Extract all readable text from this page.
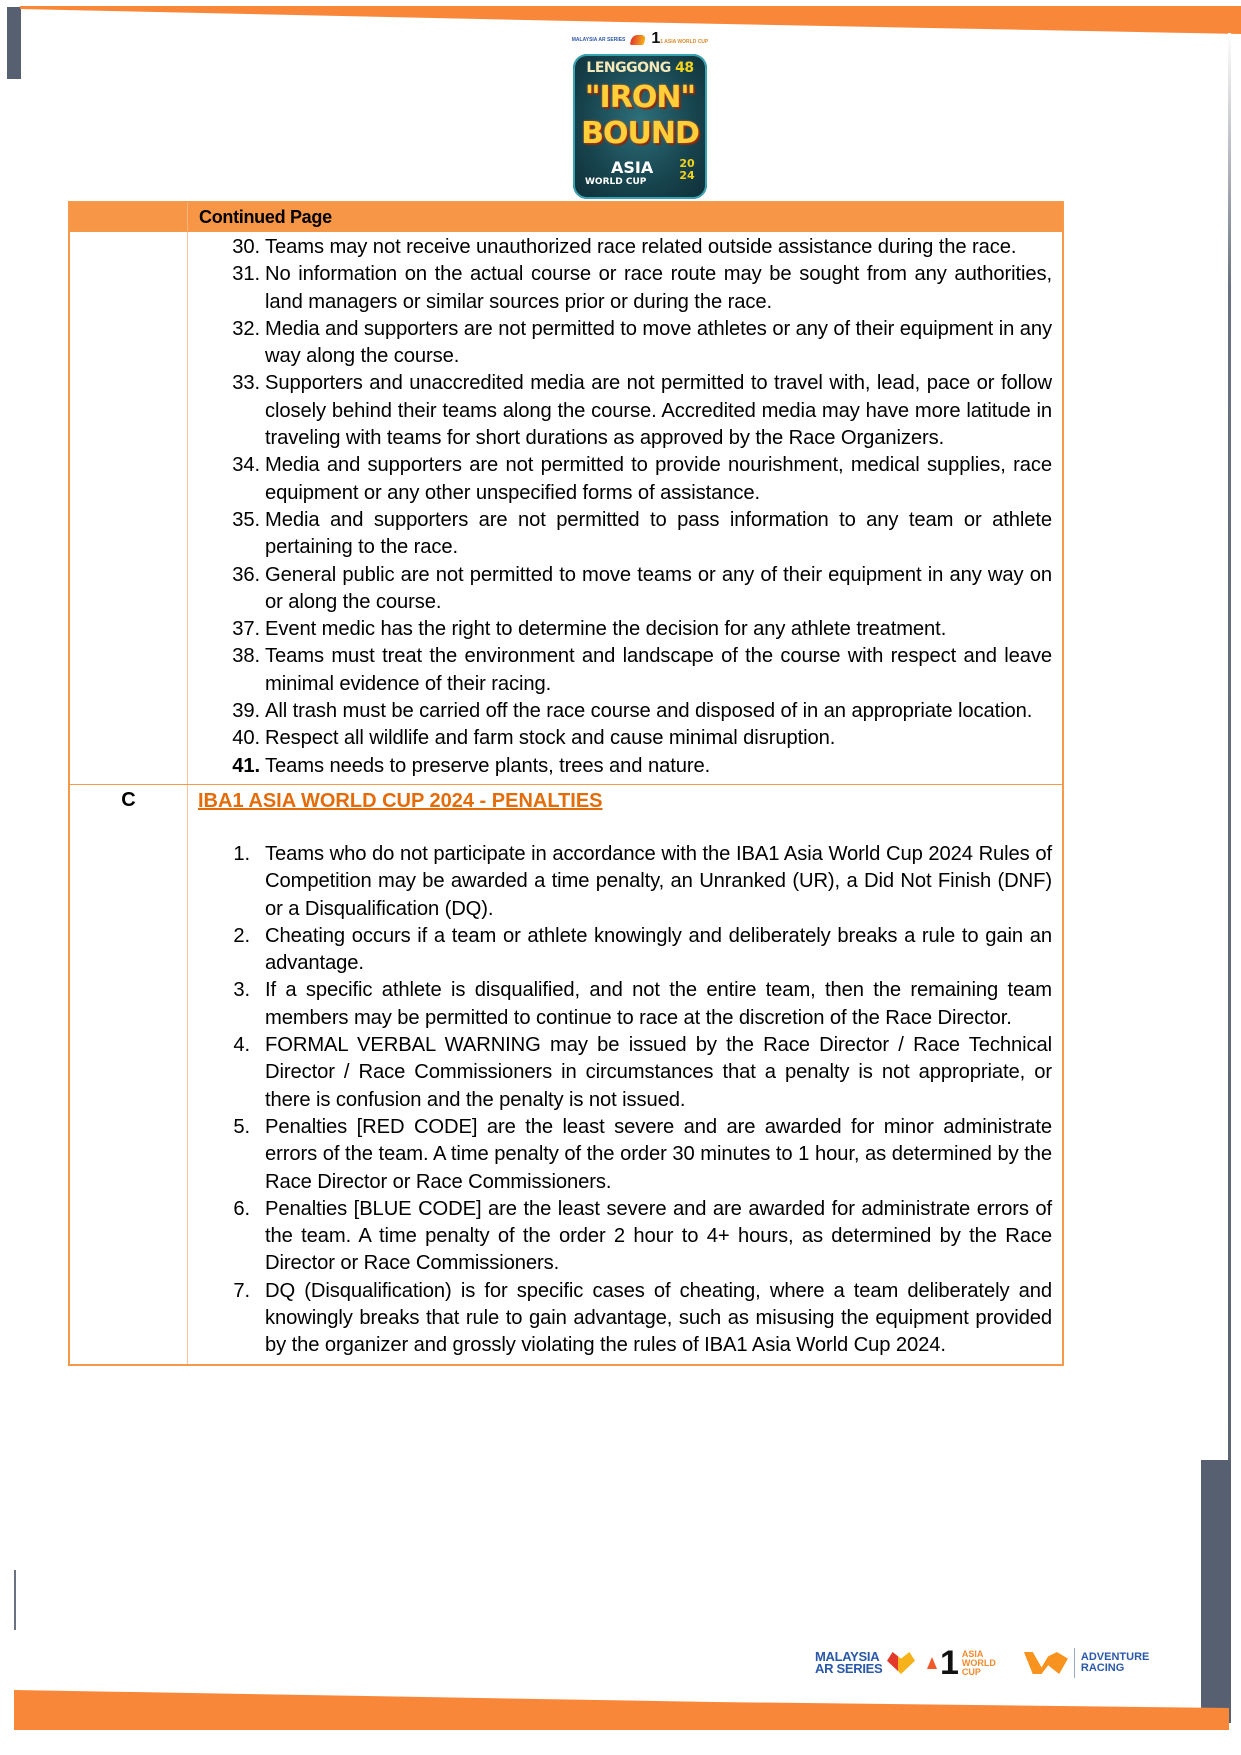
MALAYSIA AR SERIES 11 ASIA WORLD CUP
LENGGONG 48
"IRON"
BOUND
ASIA
WORLD CUP
20
24
Continued Page
30. Teams may not receive unauthorized race related outside assistance during the race.
31. No information on the actual course or race route may be sought from any authorities, land managers or similar sources prior or during the race.
32. Media and supporters are not permitted to move athletes or any of their equipment in any way along the course.
33. Supporters and unaccredited media are not permitted to travel with, lead, pace or follow closely behind their teams along the course. Accredited media may have more latitude in traveling with teams for short durations as approved by the Race Organizers.
34. Media and supporters are not permitted to provide nourishment, medical supplies, race equipment or any other unspecified forms of assistance.
35. Media and supporters are not permitted to pass information to any team or athlete pertaining to the race.
36. General public are not permitted to move teams or any of their equipment in any way on or along the course.
37. Event medic has the right to determine the decision for any athlete treatment.
38. Teams must treat the environment and landscape of the course with respect and leave minimal evidence of their racing.
39. All trash must be carried off the race course and disposed of in an appropriate location.
40. Respect all wildlife and farm stock and cause minimal disruption.
41. Teams needs to preserve plants, trees and nature.
C	IBA1 ASIA WORLD CUP 2024 - PENALTIES
1. Teams who do not participate in accordance with the IBA1 Asia World Cup 2024 Rules of Competition may be awarded a time penalty, an Unranked (UR), a Did Not Finish (DNF) or a Disqualification (DQ).
2. Cheating occurs if a team or athlete knowingly and deliberately breaks a rule to gain an advantage.
3. If a specific athlete is disqualified, and not the entire team, then the remaining team members may be permitted to continue to race at the discretion of the Race Director.
4. FORMAL VERBAL WARNING may be issued by the Race Director / Race Technical Director / Race Commissioners in circumstances that a penalty is not appropriate, or there is confusion and the penalty is not issued.
5. Penalties [RED CODE] are the least severe and are awarded for minor administrate errors of the team. A time penalty of the order 30 minutes to 1 hour, as determined by the Race Director or Race Commissioners.
6. Penalties [BLUE CODE] are the least severe and are awarded for administrate errors of the team. A time penalty of the order 2 hour to 4+ hours, as determined by the Race Director or Race Commissioners.
7. DQ (Disqualification) is for specific cases of cheating, where a team deliberately and knowingly breaks that rule to gain advantage, such as misusing the equipment provided by the organizer and grossly violating the rules of IBA1 Asia World Cup 2024.
MALAYSIA AR SERIES 1 ASIA WORLD CUP
ADVENTURE RACING
